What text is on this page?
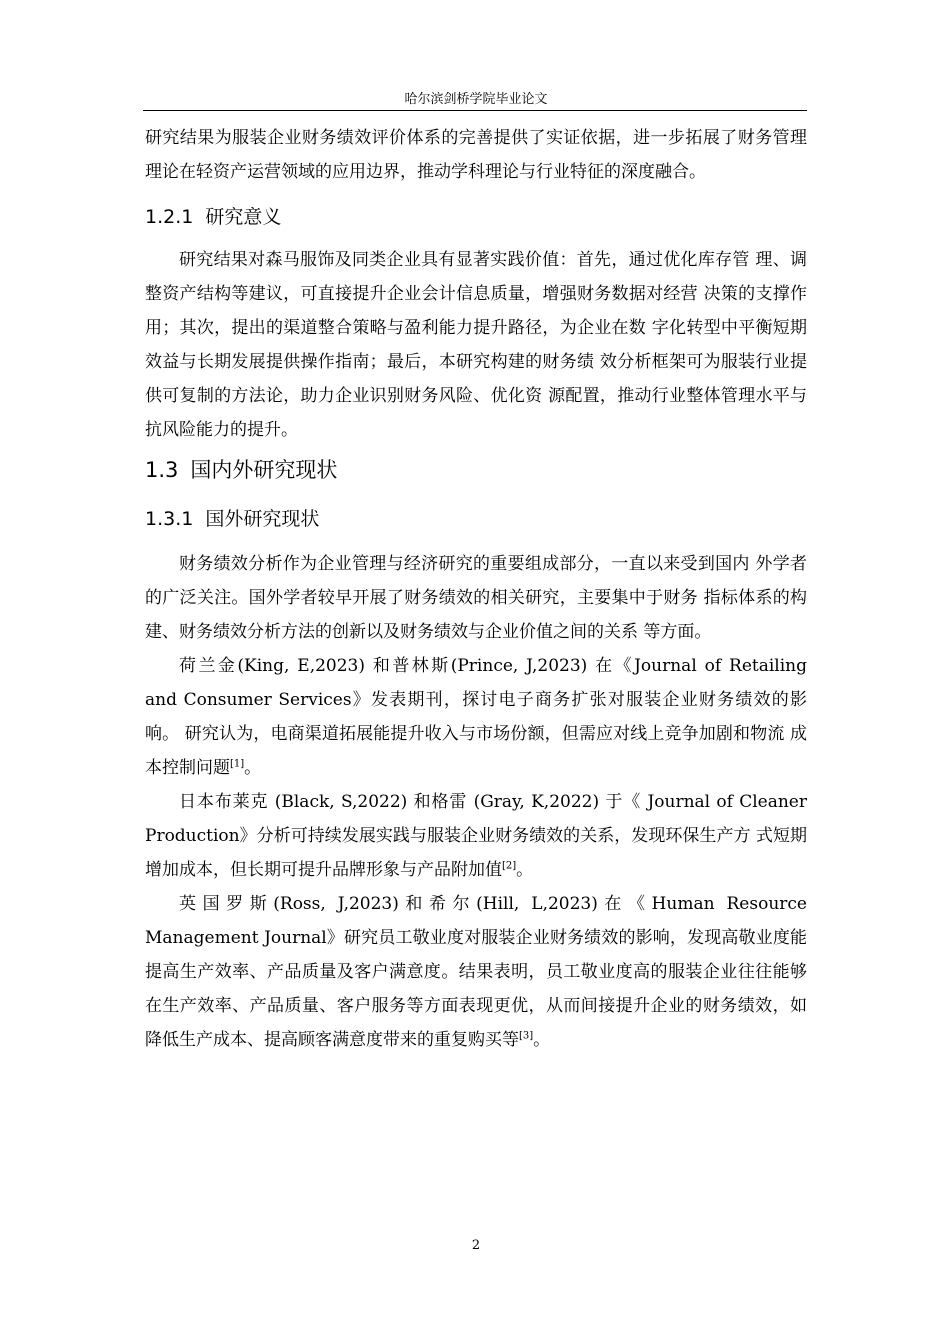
哈尔滨剑桥学院毕业论文

研究结果为服装企业财务绩效评价体系的完善提供了实证依据，进一步拓展了财务管理理论在轻资产运营领域的应用边界，推动学科理论与行业特征的深度融合。

1.2.1 研究意义

研究结果对森马服饰及同类企业具有显著实践价值：首先，通过优化库存管 理、调整资产结构等建议，可直接提升企业会计信息质量，增强财务数据对经营 决策的支撑作用；其次，提出的渠道整合策略与盈利能力提升路径，为企业在数 字化转型中平衡短期效益与长期发展提供操作指南；最后，本研究构建的财务绩 效分析框架可为服装行业提供可复制的方法论，助力企业识别财务风险、优化资 源配置，推动行业整体管理水平与抗风险能力的提升。

1.3 国内外研究现状
1.3.1 国外研究现状

财务绩效分析作为企业管理与经济研究的重要组成部分，一直以来受到国内 外学者的广泛关注。国外学者较早开展了财务绩效的相关研究，主要集中于财务 指标体系的构建、财务绩效分析方法的创新以及财务绩效与企业价值之间的关系 等方面。

荷兰金(King, E,2023) 和普林斯(Prince, J,2023) 在《Journal of Retailing and Consumer Services》发表期刊，探讨电子商务扩张对服装企业财务绩效的影响。 研究认为，电商渠道拓展能提升收入与市场份额，但需应对线上竞争加剧和物流 成本控制问题[1]。

日本布莱克 (Black, S,2022) 和格雷 (Gray, K,2022) 于《 Journal of Cleaner Production》分析可持续发展实践与服装企业财务绩效的关系，发现环保生产方 式短期增加成本，但长期可提升品牌形象与产品附加值[2]。

英国罗斯(Ross, J,2023)和希尔(Hill, L,2023)在《Human Resource Management Journal》研究员工敬业度对服装企业财务绩效的影响，发现高敬业度能提高生产效率、产品质量及客户满意度。结果表明，员工敬业度高的服装企业往往能够在生产效率、产品质量、客户服务等方面表现更优，从而间接提升企业的财务绩效，如降低生产成本、提高顾客满意度带来的重复购买等[3]。

2
